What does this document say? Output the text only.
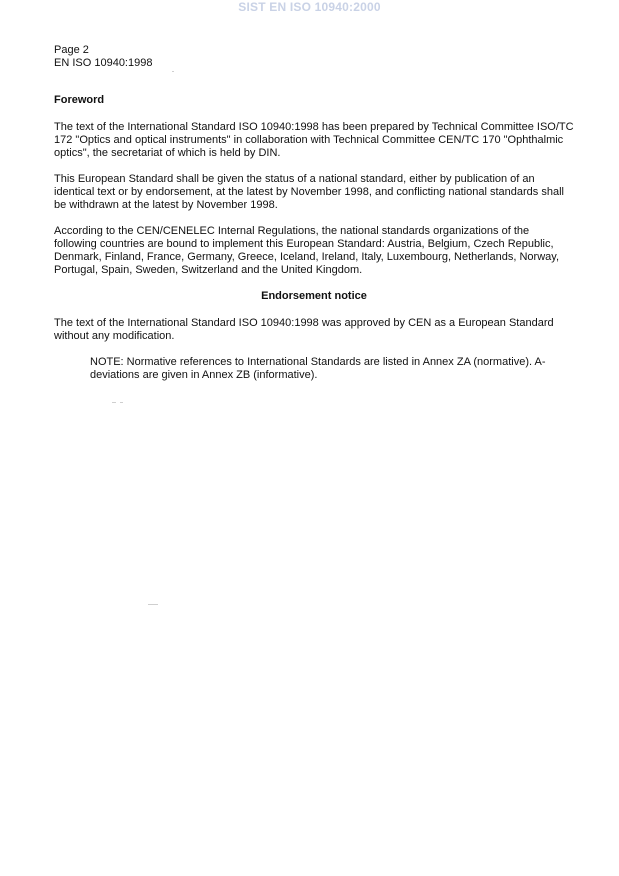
SIST EN ISO 10940:2000
Page 2
EN ISO 10940:1998
Foreword

The text of the International Standard ISO 10940:1998 has been prepared by Technical Committee ISO/TC 172 "Optics and optical instruments" in collaboration with Technical Committee CEN/TC 170 "Ophthalmic optics", the secretariat of which is held by DIN.

This European Standard shall be given the status of a national standard, either by publication of an identical text or by endorsement, at the latest by November 1998, and conflicting national standards shall be withdrawn at the latest by November 1998.

According to the CEN/CENELEC Internal Regulations, the national standards organizations of the following countries are bound to implement this European Standard: Austria, Belgium, Czech Republic, Denmark, Finland, France, Germany, Greece, Iceland, Ireland, Italy, Luxembourg, Netherlands, Norway, Portugal, Spain, Sweden, Switzerland and the United Kingdom.

Endorsement notice

The text of the International Standard ISO 10940:1998 was approved by CEN as a European Standard without any modification.

NOTE: Normative references to International Standards are listed in Annex ZA (normative). A-deviations are given in Annex ZB (informative).
